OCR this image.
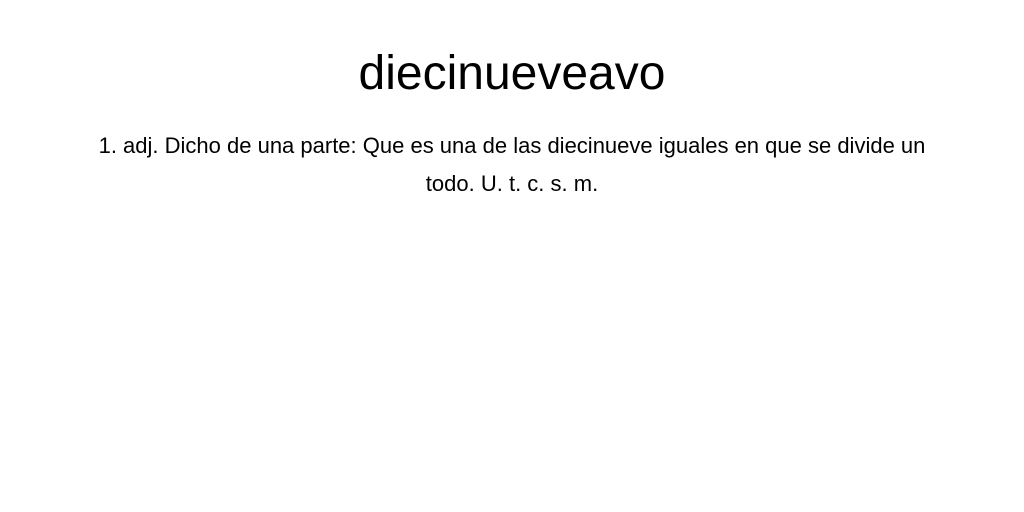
diecinueveavo

1. adj. Dicho de una parte: Que es una de las diecinueve iguales en que se divide un todo. U. t. c. s. m.
